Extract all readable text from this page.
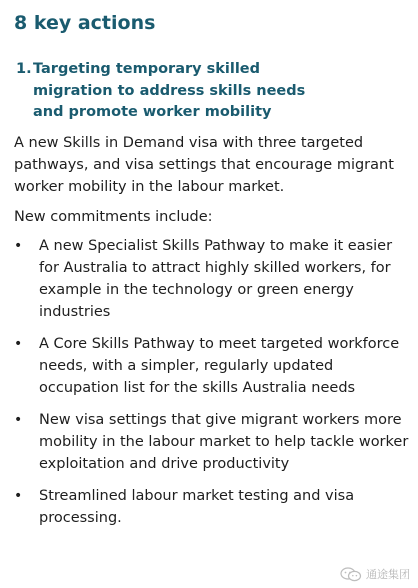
8 key actions
1. Targeting temporary skilled migration to address skills needs and promote worker mobility

A new Skills in Demand visa with three targeted pathways, and visa settings that encourage migrant worker mobility in the labour market.

New commitments include:

•	A new Specialist Skills Pathway to make it easier for Australia to attract highly skilled workers, for example in the technology or green energy industries
•	A Core Skills Pathway to meet targeted workforce needs, with a simpler, regularly updated occupation list for the skills Australia needs
•	New visa settings that give migrant workers more mobility in the labour market to help tackle worker exploitation and drive productivity
•	Streamlined labour market testing and visa processing.
通途集团
